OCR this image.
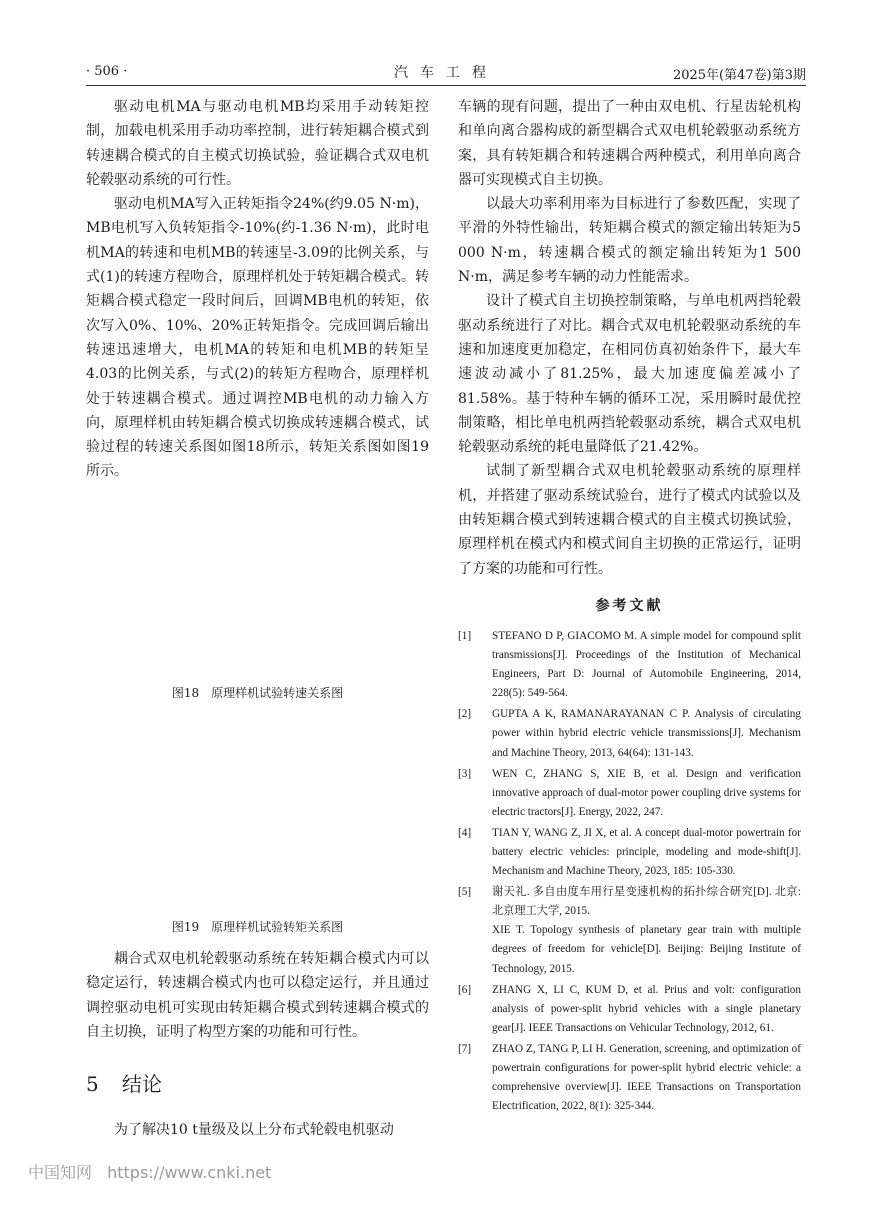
· 506 ·	汽车工程	2025年(第47卷)第3期

驱动电机MA与驱动电机MB均采用手动转矩控制，加载电机采用手动功率控制，进行转矩耦合模式到转速耦合模式的自主模式切换试验，验证耦合式双电机轮毂驱动系统的可行性。

驱动电机MA写入正转矩指令24%(约9.05 N·m)，MB电机写入负转矩指令-10%(约-1.36 N·m)，此时电机MA的转速和电机MB的转速呈-3.09的比例关系，与式(1)的转速方程吻合，原理样机处于转矩耦合模式。转矩耦合模式稳定一段时间后，回调MB电机的转矩，依次写入0%、10%、20%正转矩指令。完成回调后输出转速迅速增大，电机MA的转矩和电机MB的转矩呈4.03的比例关系，与式(2)的转矩方程吻合，原理样机处于转速耦合模式。通过调控MB电机的动力输入方向，原理样机由转矩耦合模式切换成转速耦合模式，试验过程的转速关系图如图18所示，转矩关系图如图19所示。

图18　原理样机试验转速关系图
图19　原理样机试验转矩关系图

耦合式双电机轮毂驱动系统在转矩耦合模式内可以稳定运行，转速耦合模式内也可以稳定运行，并且通过调控驱动电机可实现由转矩耦合模式到转速耦合模式的自主切换，证明了构型方案的功能和可行性。

5 结论

为了解决10 t量级及以上分布式轮毂电机驱动

车辆的现有问题，提出了一种由双电机、行星齿轮机构和单向离合器构成的新型耦合式双电机轮毂驱动系统方案，具有转矩耦合和转速耦合两种模式，利用单向离合器可实现模式自主切换。

以最大功率利用率为目标进行了参数匹配，实现了平滑的外特性输出，转矩耦合模式的额定输出转矩为5 000 N·m，转速耦合模式的额定输出转矩为1 500 N·m，满足参考车辆的动力性能需求。

设计了模式自主切换控制策略，与单电机两挡轮毂驱动系统进行了对比。耦合式双电机轮毂驱动系统的车速和加速度更加稳定，在相同仿真初始条件下，最大车速波动减小了81.25%，最大加速度偏差减小了81.58%。基于特种车辆的循环工况，采用瞬时最优控制策略，相比单电机两挡轮毂驱动系统，耦合式双电机轮毂驱动系统的耗电量降低了21.42%。

试制了新型耦合式双电机轮毂驱动系统的原理样机，并搭建了驱动系统试验台，进行了模式内试验以及由转矩耦合模式到转速耦合模式的自主模式切换试验，原理样机在模式内和模式间自主切换的正常运行，证明了方案的功能和可行性。

参考文献
[1] STEFANO D P, GIACOMO M. A simple model for compound split transmissions[J]. Proceedings of the Institution of Mechanical Engineers, Part D: Journal of Automobile Engineering, 2014, 228(5): 549-564.
[2] GUPTA A K, RAMANARAYANAN C P. Analysis of circulating power within hybrid electric vehicle transmissions[J]. Mechanism and Machine Theory, 2013, 64(64): 131-143.
[3] WEN C, ZHANG S, XIE B, et al. Design and verification innovative approach of dual-motor power coupling drive systems for electric tractors[J]. Energy, 2022, 247.
[4] TIAN Y, WANG Z, JI X, et al. A concept dual-motor powertrain for battery electric vehicles: principle, modeling and mode-shift[J]. Mechanism and Machine Theory, 2023, 185: 105-330.
[5] 谢天礼. 多自由度车用行星变速机构的拓扑综合研究[D]. 北京: 北京理工大学, 2015.
XIE T. Topology synthesis of planetary gear train with multiple degrees of freedom for vehicle[D]. Beijing: Beijing Institute of Technology, 2015.
[6] ZHANG X, LI C, KUM D, et al. Prius and volt: configuration analysis of power-split hybrid vehicles with a single planetary gear[J]. IEEE Transactions on Vehicular Technology, 2012, 61.
[7] ZHAO Z, TANG P, LI H. Generation, screening, and optimization of powertrain configurations for power-split hybrid electric vehicle: a comprehensive overview[J]. IEEE Transactions on Transportation Electrification, 2022, 8(1): 325-344.
中国知网 https://www.cnki.net
